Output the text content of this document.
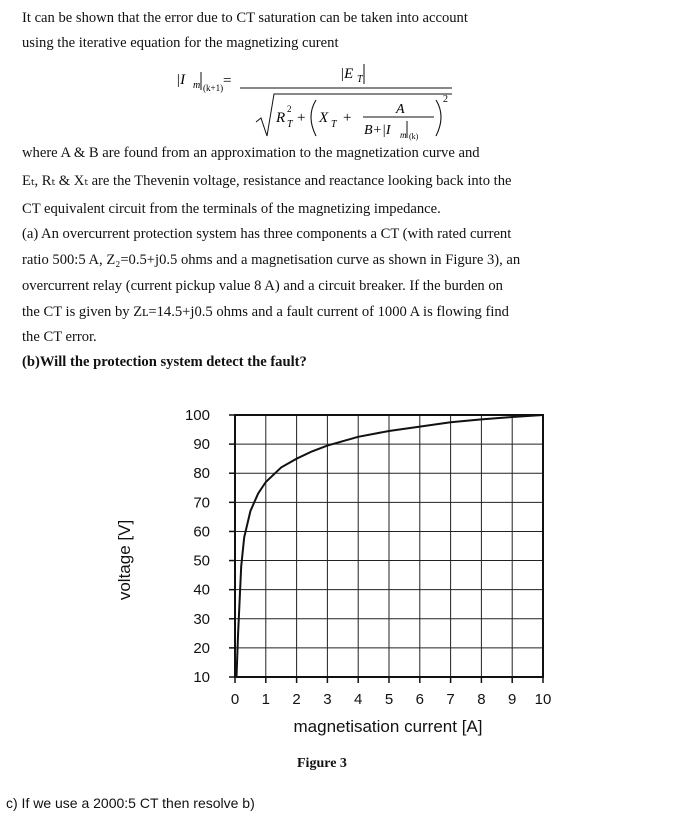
It can be shown that the error due to CT saturation can be taken into account
using the iterative equation for the magnetizing curent
|I m (k+1) =	|E T
R
2
T + X T +
A
B+|I m (k)
2
where A & B are found from an approximation to the magnetization curve and
Eₜ, Rₜ & Xₜ are the Thevenin voltage, resistance and reactance looking back into the
CT equivalent circuit from the terminals of the magnetizing impedance.
(a) An overcurrent protection system has three components a CT (with rated current
ratio 500:5 A, Z₂=0.5+j0.5 ohms and a magnetisation curve as shown in Figure 3), an
overcurrent relay (current pickup value 8 A) and a circuit breaker. If the burden on
the CT is given by Zʟ=14.5+j0.5 ohms and a fault current of 1000 A is flowing find
the CT error.
(b)Will the protection system detect the fault?
100
90
80
70
60
50
40
30
20
10
0 1 2 3 4 5 6 7 8 9 10
magnetisation current [A]
voltage [V]
Figure 3
c) If we use a 2000:5 CT then resolve b)
